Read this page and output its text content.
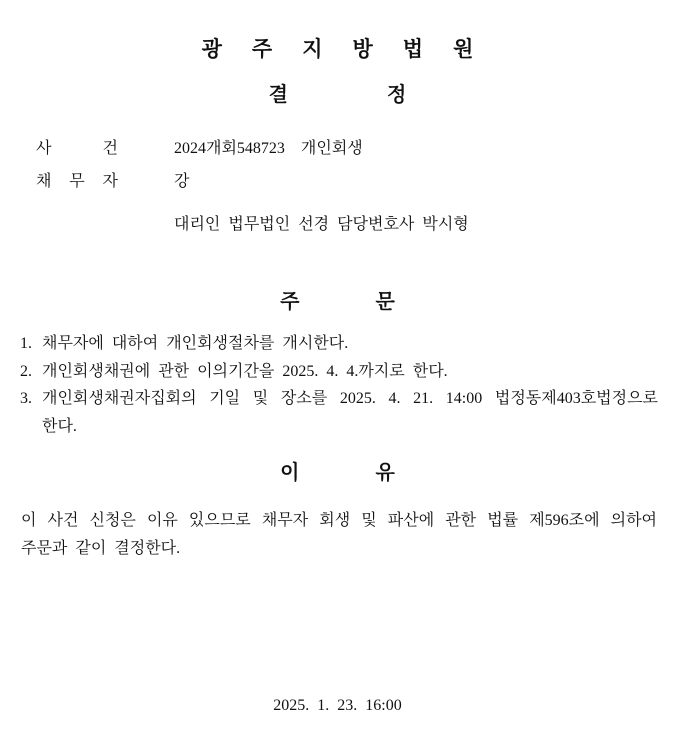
광주지방법원
결정
사 건	2024개회548723  개인회생
채 무 자	강
대리인 법무법인 선경 담당변호사 박시형
주문
1. 채무자에 대하여 개인회생절차를 개시한다.
2. 개인회생채권에 관한 이의기간을 2025. 4. 4.까지로 한다.
3. 개인회생채권자집회의 기일 및 장소를 2025. 4. 21. 14:00 법정동제403호법정으로
한다.
이유
이 사건 신청은 이유 있으므로 채무자 회생 및 파산에 관한 법률 제596조에 의하여
주문과 같이 결정한다.
2025. 1. 23. 16:00
